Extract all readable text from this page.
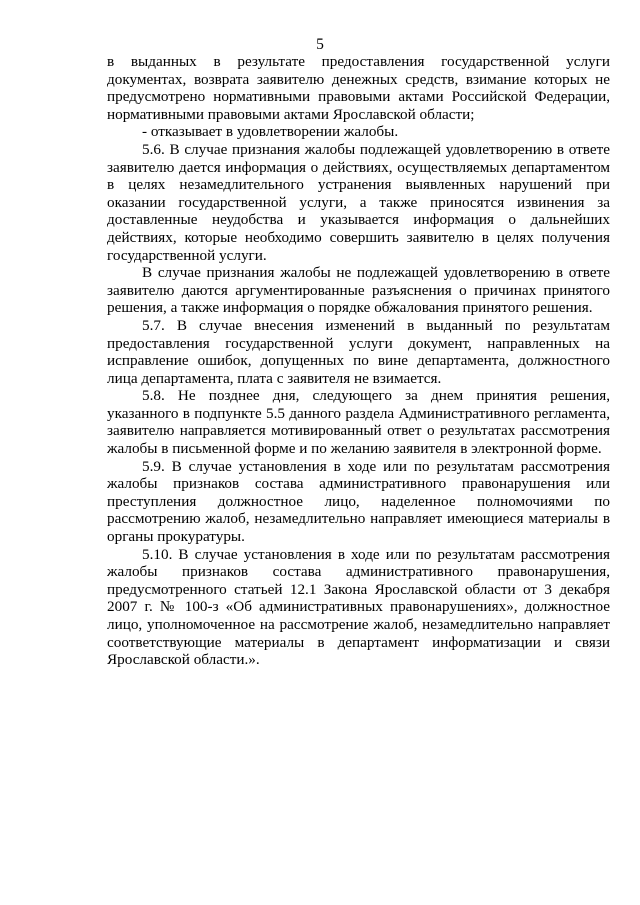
5

в выданных в результате предоставления государственной услуги документах, возврата заявителю денежных средств, взимание которых не предусмотрено нормативными правовыми актами Российской Федерации, нормативными правовыми актами Ярославской области;

- отказывает в удовлетворении жалобы.

5.6. В случае признания жалобы подлежащей удовлетворению в ответе заявителю дается информация о действиях, осуществляемых департаментом в целях незамедлительного устранения выявленных нарушений при оказании государственной услуги, а также приносятся извинения за доставленные неудобства и указывается информация о дальнейших действиях, которые необходимо совершить заявителю в целях получения государственной услуги.

В случае признания жалобы не подлежащей удовлетворению в ответе заявителю даются аргументированные разъяснения о причинах принятого решения, а также информация о порядке обжалования принятого решения.

5.7. В случае внесения изменений в выданный по результатам предоставления государственной услуги документ, направленных на исправление ошибок, допущенных по вине департамента, должностного лица департамента, плата с заявителя не взимается.

5.8. Не позднее дня, следующего за днем принятия решения, указанного в подпункте 5.5 данного раздела Административного регламента, заявителю направляется мотивированный ответ о результатах рассмотрения жалобы в письменной форме и по желанию заявителя в электронной форме.

5.9. В случае установления в ходе или по результатам рассмотрения жалобы признаков состава административного правонарушения или преступления должностное лицо, наделенное полномочиями по рассмотрению жалоб, незамедлительно направляет имеющиеся материалы в органы прокуратуры.

5.10. В случае установления в ходе или по результатам рассмотрения жалобы признаков состава административного правонарушения, предусмотренного статьей 12.1 Закона Ярославской области от 3 декабря 2007 г. № 100-з «Об административных правонарушениях», должностное лицо, уполномоченное на рассмотрение жалоб, незамедлительно направляет соответствующие материалы в департамент информатизации и связи Ярославской области.».
